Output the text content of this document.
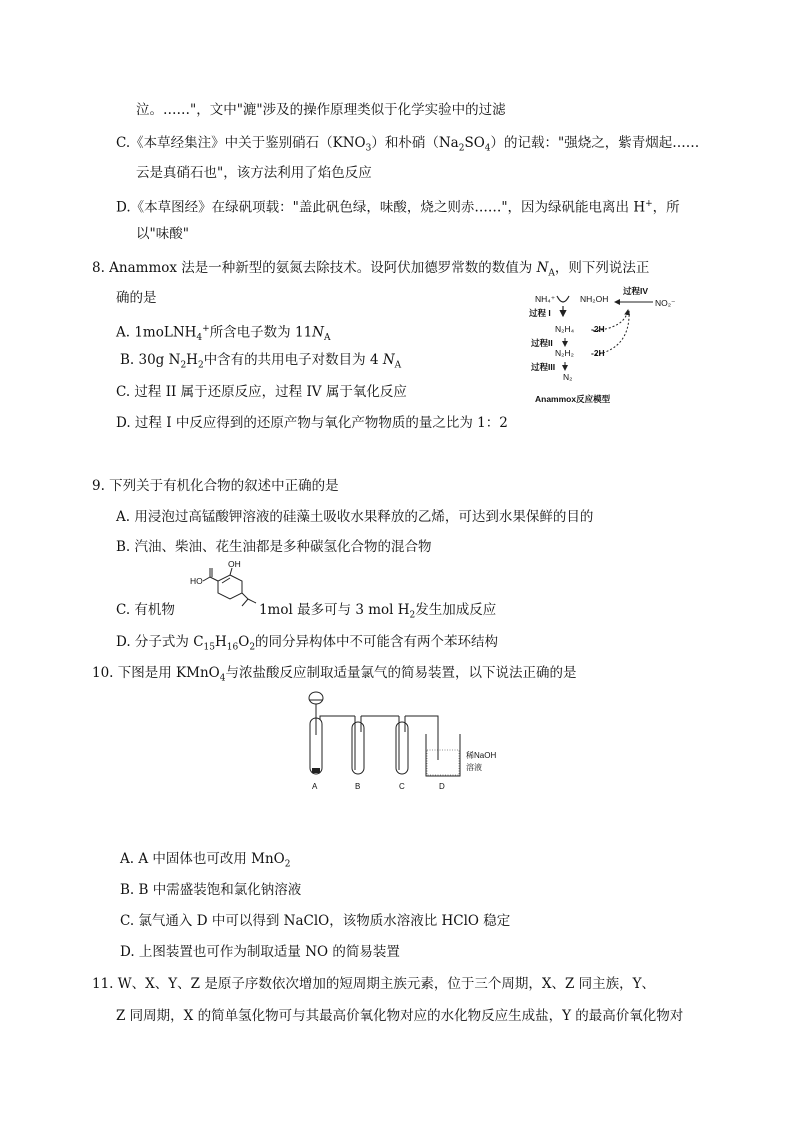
泣。……"，文中"漉"涉及的操作原理类似于化学实验中的过滤
C.《本草经集注》中关于鉴别硝石$(KNO_3)$和朴硝$(Na_2SO_4)$的记载："强烧之，紫青烟起……
云是真硝石也"，该方法利用了焰色反应
D.《本草图经》在绿矾项载："盖此矾色绿，味酸，烧之则赤……"，因为绿矾能电离出 H+，所
以"味酸"
8. Anammox 法是一种新型的氨氮去除技术。设阿伏加德罗常数的数值为 $N_A$，则下列说法正
确的是
A. 1moLNH$_4$+所含电子数为 $11N_A$
B. 30g $N_2H_2$中含有的共用电子对数目为 4 $N_A$
C. 过程 II 属于还原反应，过程 IV 属于氧化反应
D. 过程 I 中反应得到的还原产物与氧化产物物质的量之比为 1：2
NH₄⁺	NH₂OH
过程IV
NO₂⁻
过程 I
N₂H₄ -2H
过程II
N₂H₂ -2H
过程III
N₂
Anammox反应模型
9. 下列关于有机化合物的叙述中正确的是
A. 用浸泡过高锰酸钾溶液的硅藻土吸收水果释放的乙烯，可达到水果保鲜的目的
B. 汽油、柴油、花生油都是多种碳氢化合物的混合物
OH
HO
C. 有机物	1mol 最多可与 3 mol $H_2$发生加成反应
D. 分子式为 $C_{15}H_{16}O_2$的同分异构体中不可能含有两个苯环结构
10. 下图是用 KMnO$_4$与浓盐酸反应制取适量氯气的简易装置，以下说法正确的是
A	B	C	D
稀NaOH
溶液
A. A 中固体也可改用 MnO$_2$
B. B 中需盛装饱和氯化钠溶液
C. 氯气通入 D 中可以得到 NaClO，该物质水溶液比 HClO 稳定
D. 上图装置也可作为制取适量 NO 的简易装置
11. W、X、Y、Z 是原子序数依次增加的短周期主族元素，位于三个周期，X、Z 同主族，Y、
Z 同周期，X 的简单氢化物可与其最高价氧化物对应的水化物反应生成盐，Y 的最高价氧化物对
